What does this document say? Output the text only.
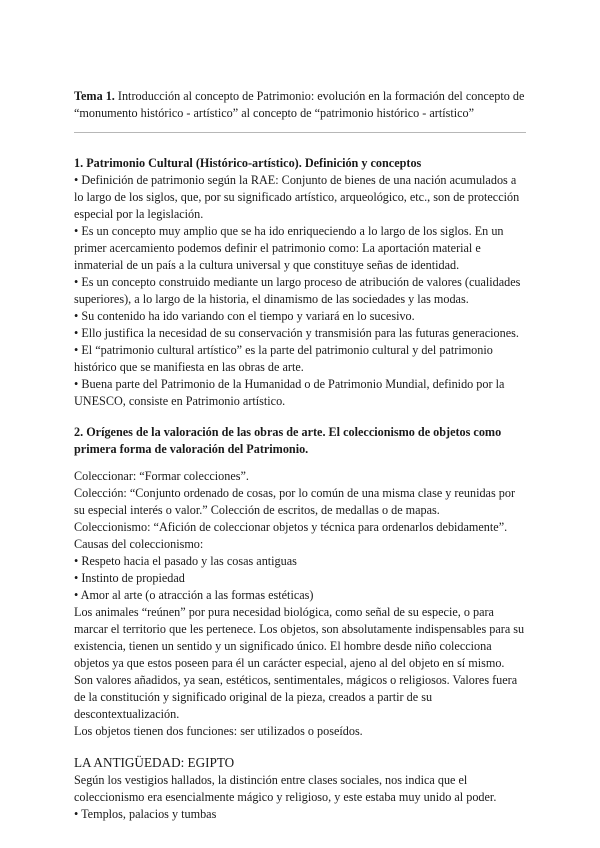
Tema 1. Introducción al concepto de Patrimonio: evolución en la formación del concepto de “monumento histórico - artístico” al concepto de “patrimonio histórico - artístico”

1. Patrimonio Cultural (Histórico-artístico). Definición y conceptos

• Definición de patrimonio según la RAE: Conjunto de bienes de una nación acumulados a lo largo de los siglos, que, por su significado artístico, arqueológico, etc., son de protección especial por la legislación.

• Es un concepto muy amplio que se ha ido enriqueciendo a lo largo de los siglos. En un primer acercamiento podemos definir el patrimonio como: La aportación material e inmaterial de un país a la cultura universal y que constituye señas de identidad.

• Es un concepto construido mediante un largo proceso de atribución de valores (cualidades superiores), a lo largo de la historia, el dinamismo de las sociedades y las modas.

• Su contenido ha ido variando con el tiempo y variará en lo sucesivo.

• Ello justifica la necesidad de su conservación y transmisión para las futuras generaciones.

• El “patrimonio cultural artístico” es la parte del patrimonio cultural y del patrimonio histórico que se manifiesta en las obras de arte.

• Buena parte del Patrimonio de la Humanidad o de Patrimonio Mundial, definido por la UNESCO, consiste en Patrimonio artístico.

2. Orígenes de la valoración de las obras de arte. El coleccionismo de objetos como primera forma de valoración del Patrimonio.

Coleccionar: “Formar colecciones”.

Colección: “Conjunto ordenado de cosas, por lo común de una misma clase y reunidas por su especial interés o valor.” Colección de escritos, de medallas o de mapas.

Coleccionismo: “Afición de coleccionar objetos y técnica para ordenarlos debidamente”.

Causas del coleccionismo:

• Respeto hacia el pasado y las cosas antiguas

• Instinto de propiedad

• Amor al arte (o atracción a las formas estéticas)

Los animales “reúnen” por pura necesidad biológica, como señal de su especie, o para marcar el territorio que les pertenece. Los objetos, son absolutamente indispensables para su existencia, tienen un sentido y un significado único. El hombre desde niño colecciona objetos ya que estos poseen para él un carácter especial, ajeno al del objeto en sí mismo. Son valores añadidos, ya sean, estéticos, sentimentales, mágicos o religiosos. Valores fuera de la constitución y significado original de la pieza, creados a partir de su descontextualización.

Los objetos tienen dos funciones: ser utilizados o poseídos.

LA ANTIGÜEDAD: EGIPTO

Según los vestigios hallados, la distinción entre clases sociales, nos indica que el coleccionismo era esencialmente mágico y religioso, y este estaba muy unido al poder.

• Templos, palacios y tumbas
